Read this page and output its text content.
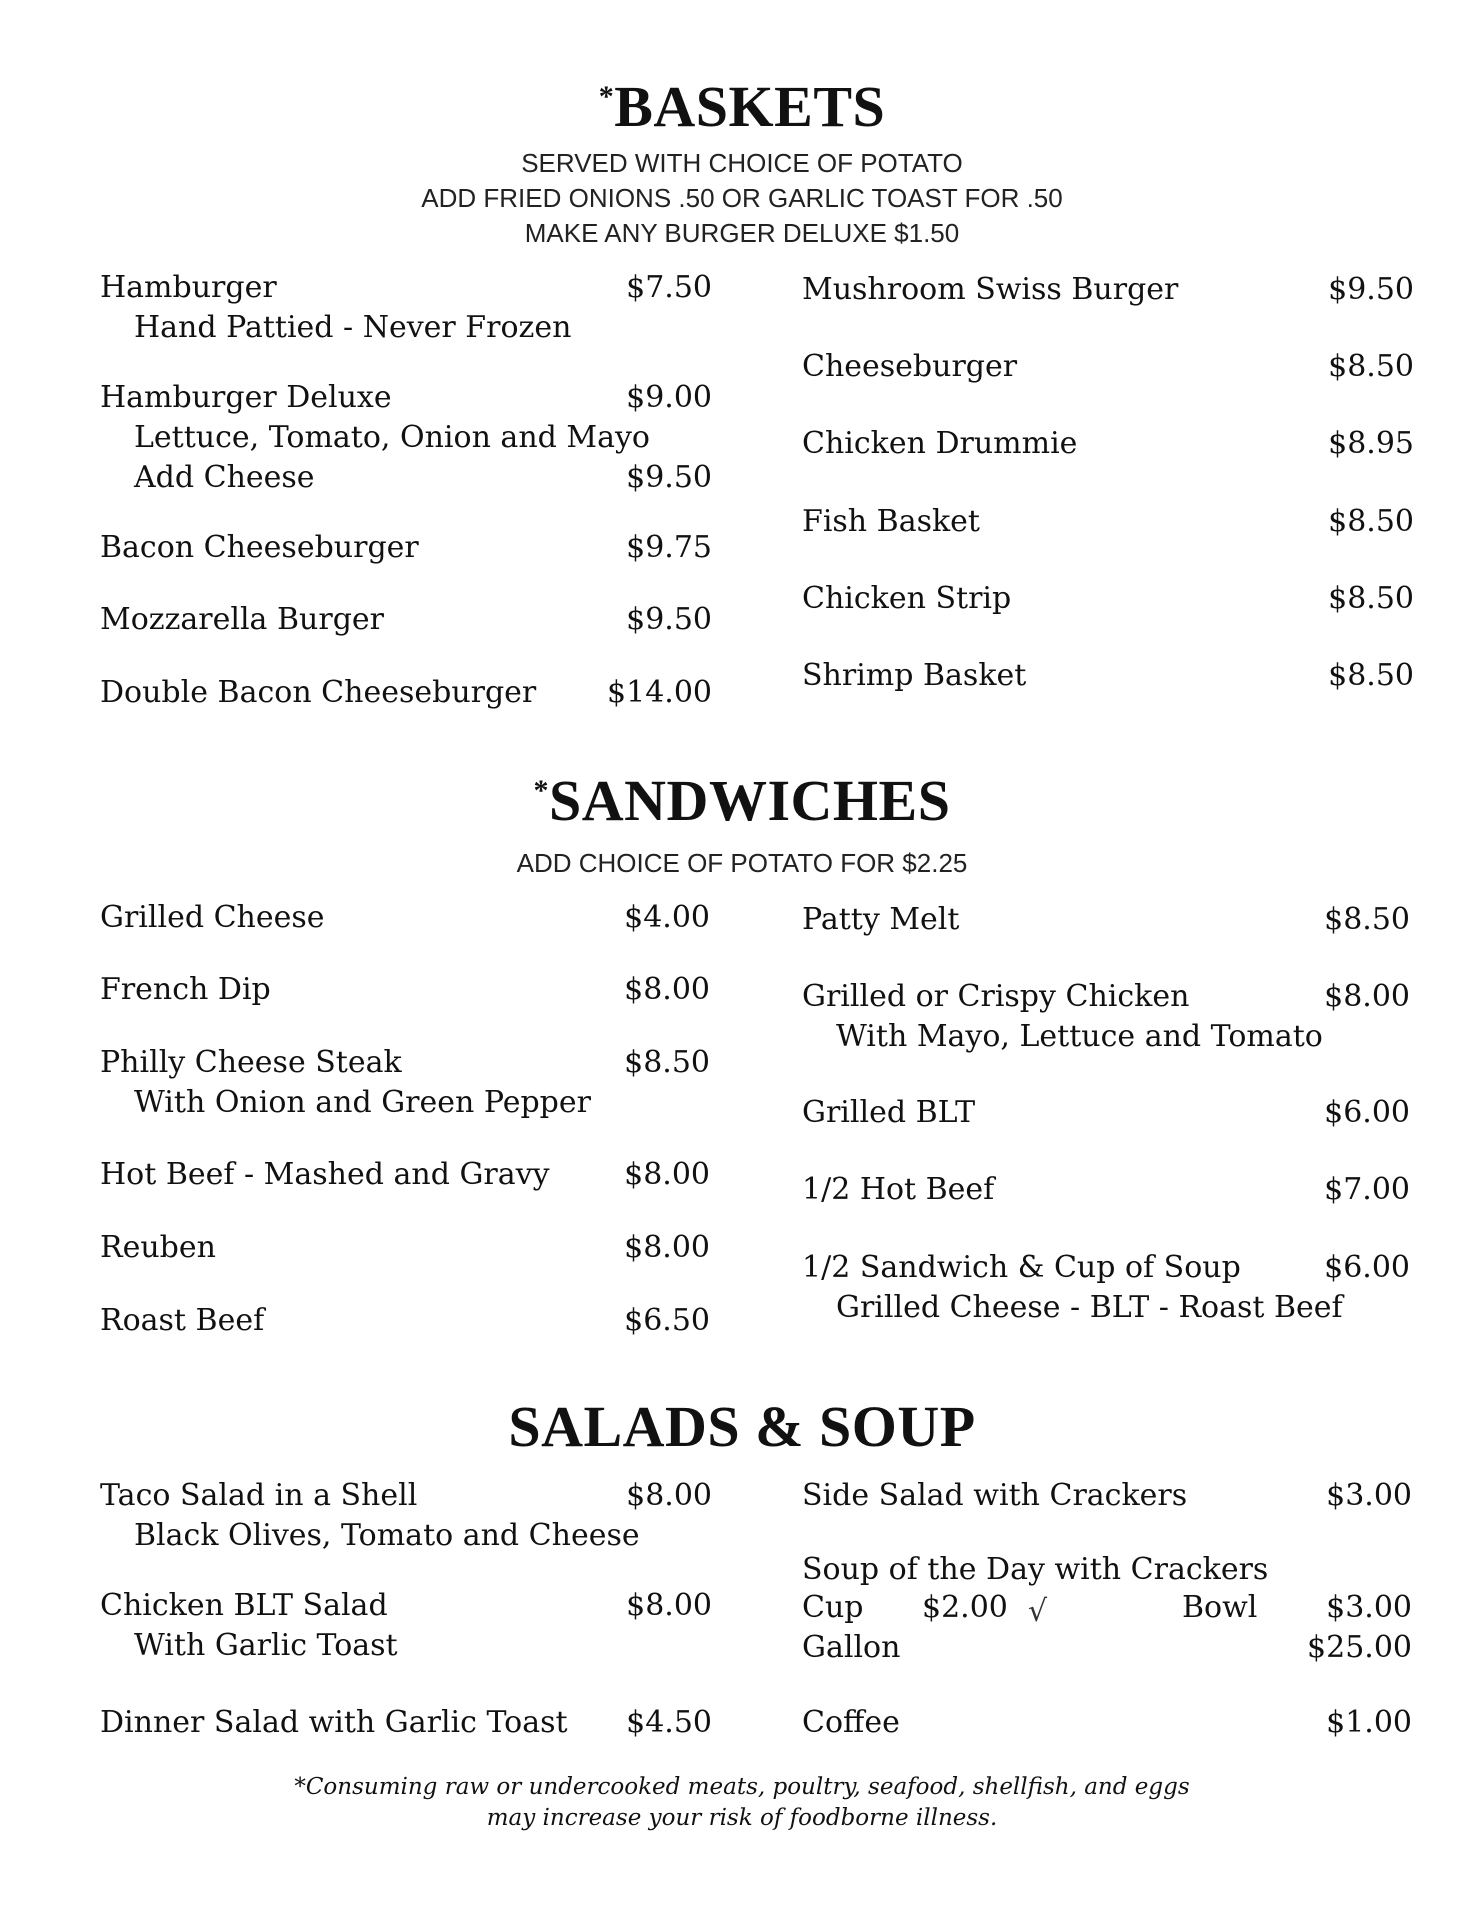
*BASKETS
SERVED WITH CHOICE OF POTATO
ADD FRIED ONIONS .50 OR GARLIC TOAST FOR .50
MAKE ANY BURGER DELUXE $1.50
Hamburger	$7.50
Hand Pattied - Never Frozen
Hamburger Deluxe	$9.00
Lettuce, Tomato, Onion and Mayo
Add Cheese	$9.50
Bacon Cheeseburger	$9.75
Mozzarella Burger	$9.50
Double Bacon Cheeseburger $14.00
Mushroom Swiss Burger	$9.50
Cheeseburger	$8.50
Chicken Drummie	$8.95
Fish Basket	$8.50
Chicken Strip	$8.50
Shrimp Basket	$8.50
*SANDWICHES
ADD CHOICE OF POTATO FOR $2.25
Grilled Cheese	$4.00
French Dip	$8.00
Philly Cheese Steak	$8.50
With Onion and Green Pepper
Hot Beef - Mashed and Gravy $8.00
Reuben	$8.00
Roast Beef	$6.50
Patty Melt	$8.50
Grilled or Crispy Chicken	$8.00
With Mayo, Lettuce and Tomato
Grilled BLT	$6.00
1/2 Hot Beef	$7.00
1/2 Sandwich & Cup of Soup	$6.00
Grilled Cheese - BLT - Roast Beef
SALADS & SOUP
Taco Salad in a Shell	$8.00
Black Olives, Tomato and Cheese
Chicken BLT Salad	$8.00
With Garlic Toast
Dinner Salad with Garlic Toast $4.50
Side Salad with Crackers	$3.00
Soup of the Day with Crackers
Cup $2.00 √	Bowl $3.00
Gallon	$25.00
Coffee	$1.00
*Consuming raw or undercooked meats, poultry, seafood, shellfish, and eggs
may increase your risk of foodborne illness.
